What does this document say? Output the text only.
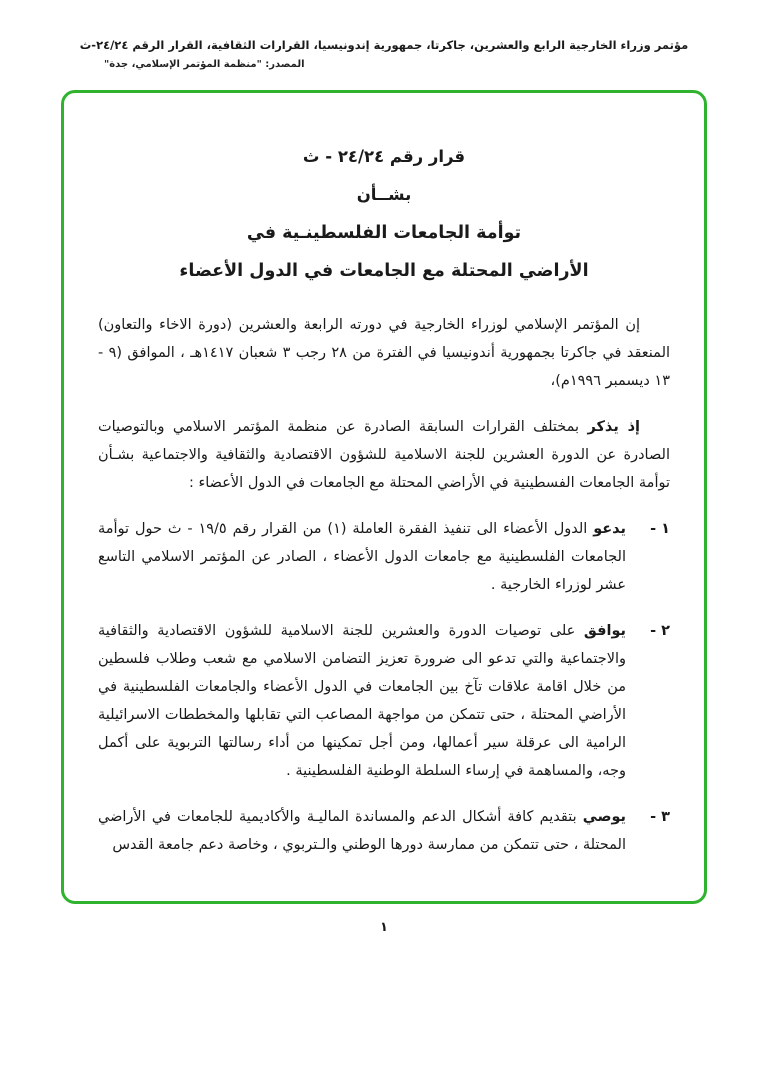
مؤتمر وزراء الخارجية الرابع والعشرين، جاكرتا، جمهورية إندونيسيا، القرارات الثقافية، القرار الرقم ٢٤/٢٤-ث
المصدر: "منظمة المؤتمر الإسلامي، جدة"

قرار رقم ٢٤/٢٤ - ث

بشــأن

توأمة الجامعات الفلسطينـية في

الأراضي المحتلة مع الجامعات في الدول الأعضاء

إن المؤتمر الإسلامي لوزراء الخارجية في دورته الرابعة والعشرين (دورة الاخاء والتعاون) المنعقد في جاكرتا بجمهورية أندونيسيا في الفترة من ٢٨ رجب ٣ شعبان ١٤١٧هـ ، الموافق (٩ - ١٣ ديسمبر ١٩٩٦م)،

إذ يذكر بمختلف القرارات السابقة الصادرة عن منظمة المؤتمر الاسلامي وبالتوصيات الصادرة عن الدورة العشرين للجنة الاسلامية للشؤون الاقتصادية والثقافية والاجتماعية بشـأن توأمة الجامعات الفسطينية في الأراضي المحتلة مع الجامعات في الدول الأعضاء :

١ -

يدعو الدول الأعضاء الى تنفيذ الفقرة العاملة (١) من القرار رقم ١٩/٥ - ث حول توأمة الجامعات الفلسطينية مع جامعات الدول الأعضاء ، الصادر عن المؤتمر الاسلامي التاسع عشر لوزراء الخارجية .

٢ -

يوافق على توصيات الدورة والعشرين للجنة الاسلامية للشؤون الاقتصادية والثقافية والاجتماعية والتي تدعو الى ضرورة تعزيز التضامن الاسلامي مع شعب وطلاب فلسطين من خلال اقامة علاقات تآخ بين الجامعات في الدول الأعضاء والجامعات الفلسطينية في الأراضي المحتلة ، حتى تتمكن من مواجهة المصاعب التي تقابلها والمخططات الاسرائيلية الرامية الى عرقلة سير أعمالها، ومن أجل تمكينها من أداء رسالتها التربوية على أكمل وجه، والمساهمة في إرساء السلطة الوطنية الفلسطينية .

٣ -

يوصي بتقديم كافة أشكال الدعم والمساندة الماليـة والأكاديمية للجامعات في الأراضي المحتلة ، حتى تتمكن من ممارسة دورها الوطني والـتربوي ، وخاصة دعم جامعة القدس

١
